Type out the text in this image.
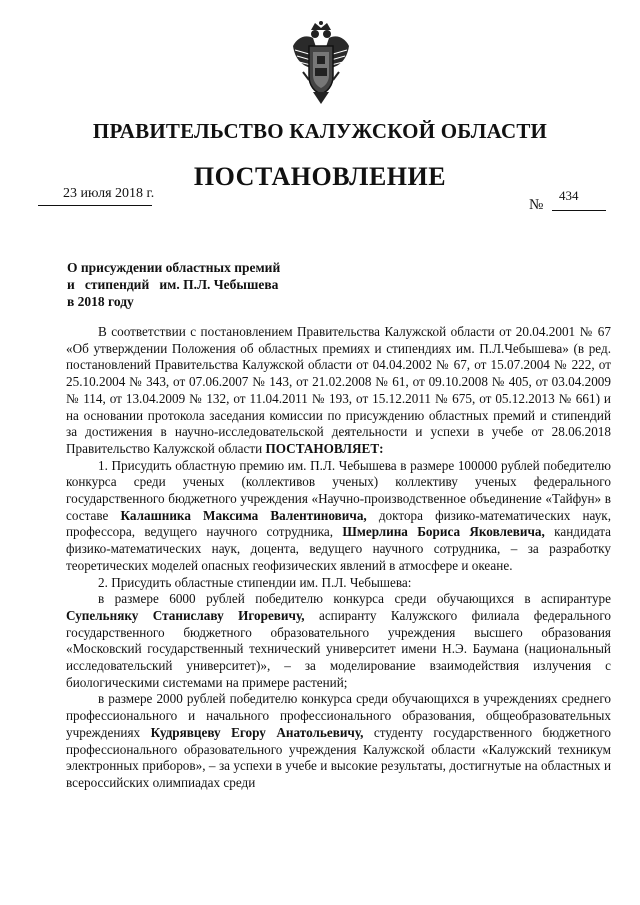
ПРАВИТЕЛЬСТВО КАЛУЖСКОЙ ОБЛАСТИ
ПОСТАНОВЛЕНИЕ
23 июля 2018 г.
№
434
О присуждении областных премий
и   стипендий   им. П.Л. Чебышева
в 2018 году

В соответствии с постановлением Правительства Калужской области от 20.04.2001 № 67 «Об утверждении Положения об областных премиях и стипендиях им. П.Л.Чебышева» (в ред. постановлений Правительства Калужской области от 04.04.2002 № 67, от 15.07.2004 № 222, от 25.10.2004 № 343, от 07.06.2007 № 143, от 21.02.2008 № 61, от 09.10.2008 № 405, от 03.04.2009 № 114, от 13.04.2009 № 132, от 11.04.2011 № 193, от 15.12.2011 № 675, от 05.12.2013 № 661) и на основании протокола заседания комиссии по присуждению областных премий и стипендий за достижения в научно-исследовательской деятельности и успехи в учебе от 28.06.2018 Правительство Калужской области ПОСТАНОВЛЯЕТ:

1. Присудить областную премию им. П.Л. Чебышева в размере 100000 рублей победителю конкурса среди ученых (коллективов ученых) коллективу ученых федерального государственного бюджетного учреждения «Научно-производственное объединение «Тайфун» в составе Калашника Максима Валентиновича, доктора физико-математических наук, профессора, ведущего научного сотрудника, Шмерлина Бориса Яковлевича, кандидата физико-математических наук, доцента, ведущего научного сотрудника, – за разработку теоретических моделей опасных геофизических явлений в атмосфере и океане.

2. Присудить областные стипендии им. П.Л. Чебышева:

в размере 6000 рублей победителю конкурса среди обучающихся в аспирантуре Супельняку Станиславу Игоревичу, аспиранту Калужского филиала федерального государственного бюджетного образовательного учреждения высшего образования «Московский государственный технический университет имени Н.Э. Баумана (национальный исследовательский университет)», – за моделирование взаимодействия излучения с биологическими системами на примере растений;

в размере 2000 рублей победителю конкурса среди обучающихся в учреждениях среднего профессионального и начального профессионального образования, общеобразовательных учреждениях Кудрявцеву Егору Анатольевичу, студенту государственного бюджетного профессионального образовательного учреждения Калужской области «Калужский техникум электронных приборов», – за успехи в учебе и высокие результаты, достигнутые на областных и всероссийских олимпиадах среди
